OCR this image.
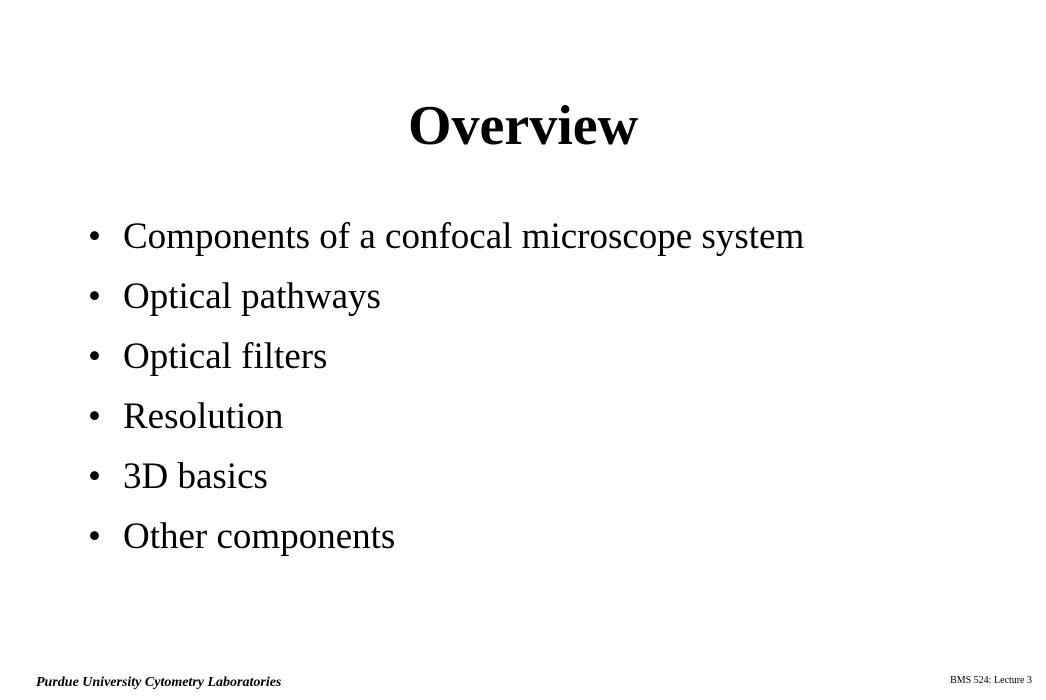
Overview
• Components of a confocal microscope system
• Optical pathways
• Optical filters
• Resolution
• 3D basics
• Other components
Purdue University Cytometry Laboratories	BMS 524: Lecture 3
